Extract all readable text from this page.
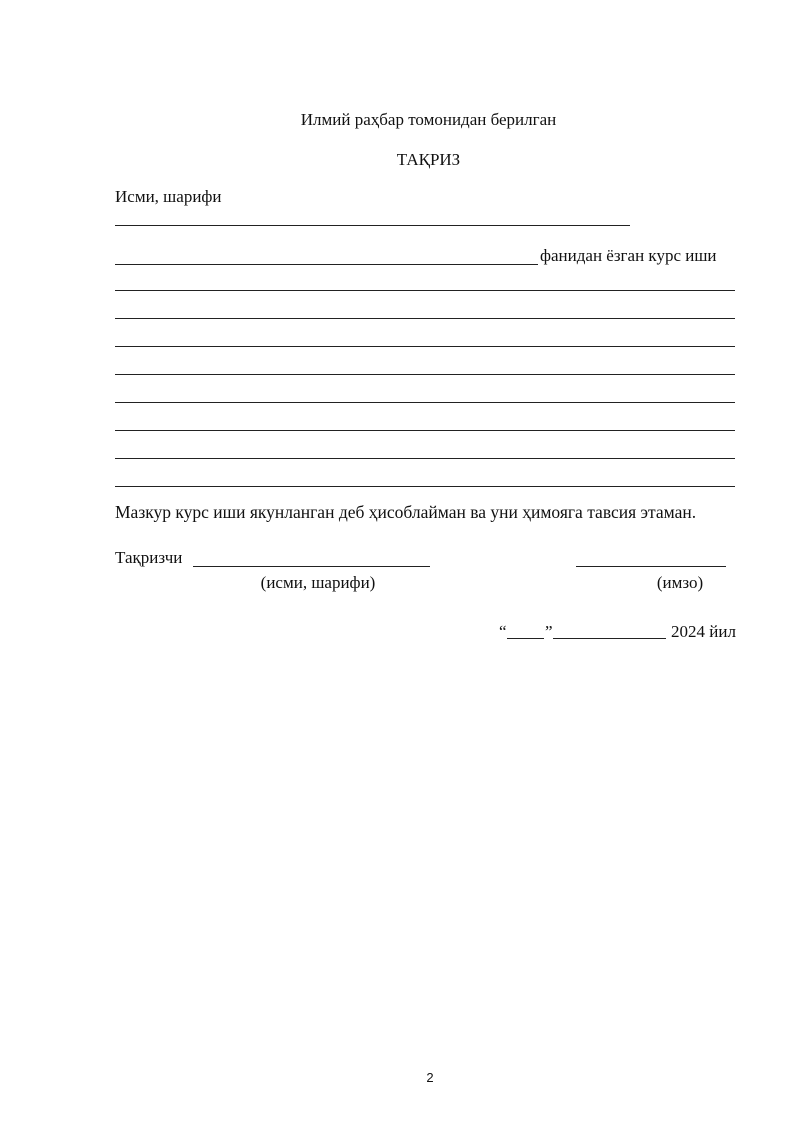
Илмий раҳбар томонидан берилган
ТАҚРИЗ
Исми, шарифи
фанидан ёзган курс иши
Мазкур курс иши якунланган деб ҳисоблайман ва уни ҳимояга тавсия этаман.
Тақризчи
(исми, шарифи)	(имзо)
“ ”	2024 йил
2
